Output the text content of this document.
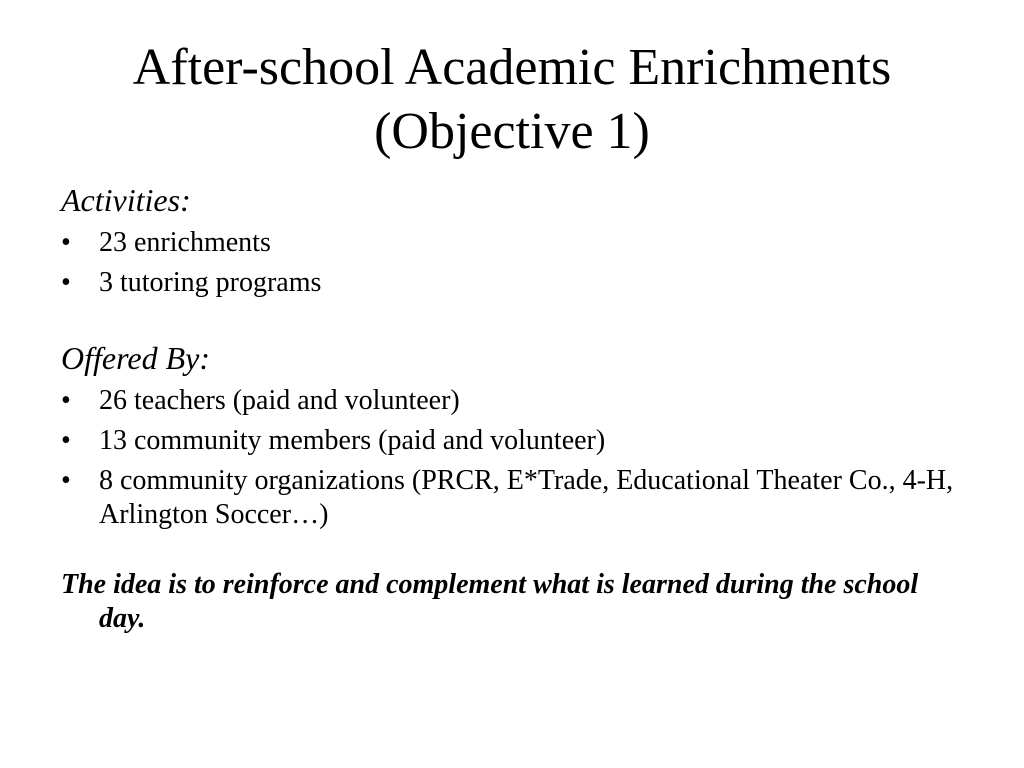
After-school Academic Enrichments
(Objective 1)

Activities:

• 23 enrichments
• 3 tutoring programs

Offered By:

• 26 teachers (paid and volunteer)
• 13 community members (paid and volunteer)
• 8 community organizations (PRCR, E*Trade, Educational Theater Co., 4-H, Arlington Soccer…)

The idea is to reinforce and complement what is learned during the school day.
